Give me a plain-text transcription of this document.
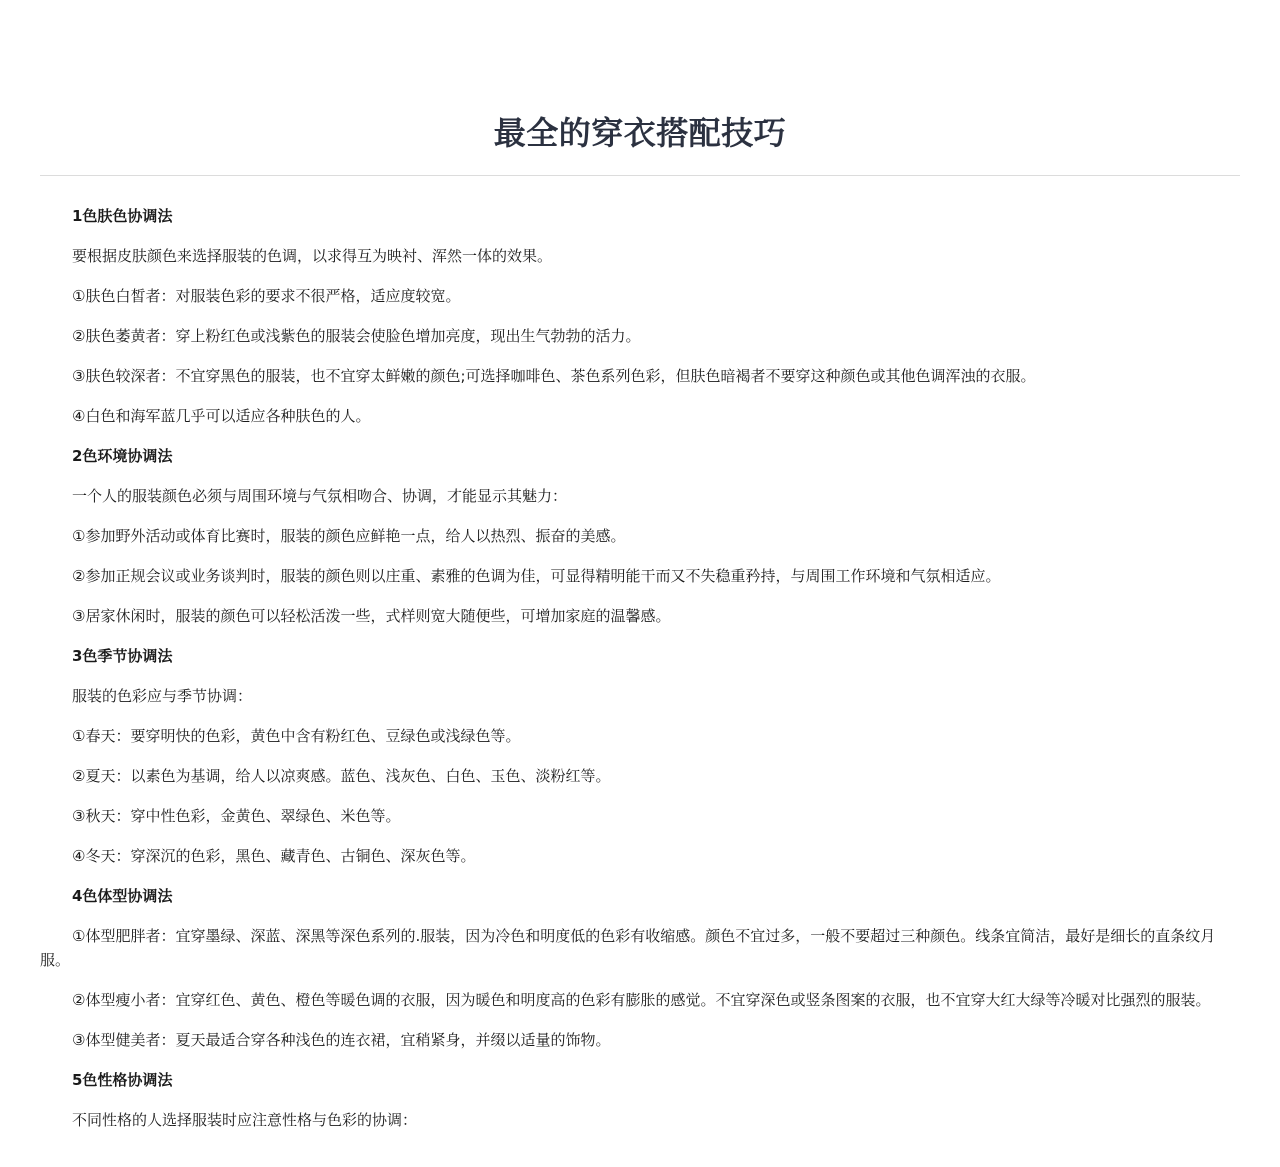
最全的穿衣搭配技巧

1色肤色协调法

要根据皮肤颜色来选择服装的色调，以求得互为映衬、浑然一体的效果。

①肤色白皙者：对服装色彩的要求不很严格，适应度较宽。

②肤色萎黄者：穿上粉红色或浅紫色的服装会使脸色增加亮度，现出生气勃勃的活力。

③肤色较深者：不宜穿黑色的服装，也不宜穿太鲜嫩的颜色;可选择咖啡色、茶色系列色彩，但肤色暗褐者不要穿这种颜色或其他色调浑浊的衣服。

④白色和海军蓝几乎可以适应各种肤色的人。

2色环境协调法

一个人的服装颜色必须与周围环境与气氛相吻合、协调，才能显示其魅力：

①参加野外活动或体育比赛时，服装的颜色应鲜艳一点，给人以热烈、振奋的美感。

②参加正规会议或业务谈判时，服装的颜色则以庄重、素雅的色调为佳，可显得精明能干而又不失稳重矜持，与周围工作环境和气氛相适应。

③居家休闲时，服装的颜色可以轻松活泼一些，式样则宽大随便些，可增加家庭的温馨感。

3色季节协调法

服装的色彩应与季节协调：

①春天：要穿明快的色彩，黄色中含有粉红色、豆绿色或浅绿色等。

②夏天：以素色为基调，给人以凉爽感。蓝色、浅灰色、白色、玉色、淡粉红等。

③秋天：穿中性色彩，金黄色、翠绿色、米色等。

④冬天：穿深沉的色彩，黑色、藏青色、古铜色、深灰色等。

4色体型协调法

①体型肥胖者：宜穿墨绿、深蓝、深黑等深色系列的.服装，因为冷色和明度低的色彩有收缩感。颜色不宜过多，一般不要超过三种颜色。线条宜简洁，最好是细长的直条纹月服。

②体型瘦小者：宜穿红色、黄色、橙色等暖色调的衣服，因为暖色和明度高的色彩有膨胀的感觉。不宜穿深色或竖条图案的衣服，也不宜穿大红大绿等冷暖对比强烈的服装。

③体型健美者：夏天最适合穿各种浅色的连衣裙，宜稍紧身，并缀以适量的饰物。

5色性格协调法

不同性格的人选择服装时应注意性格与色彩的协调：
